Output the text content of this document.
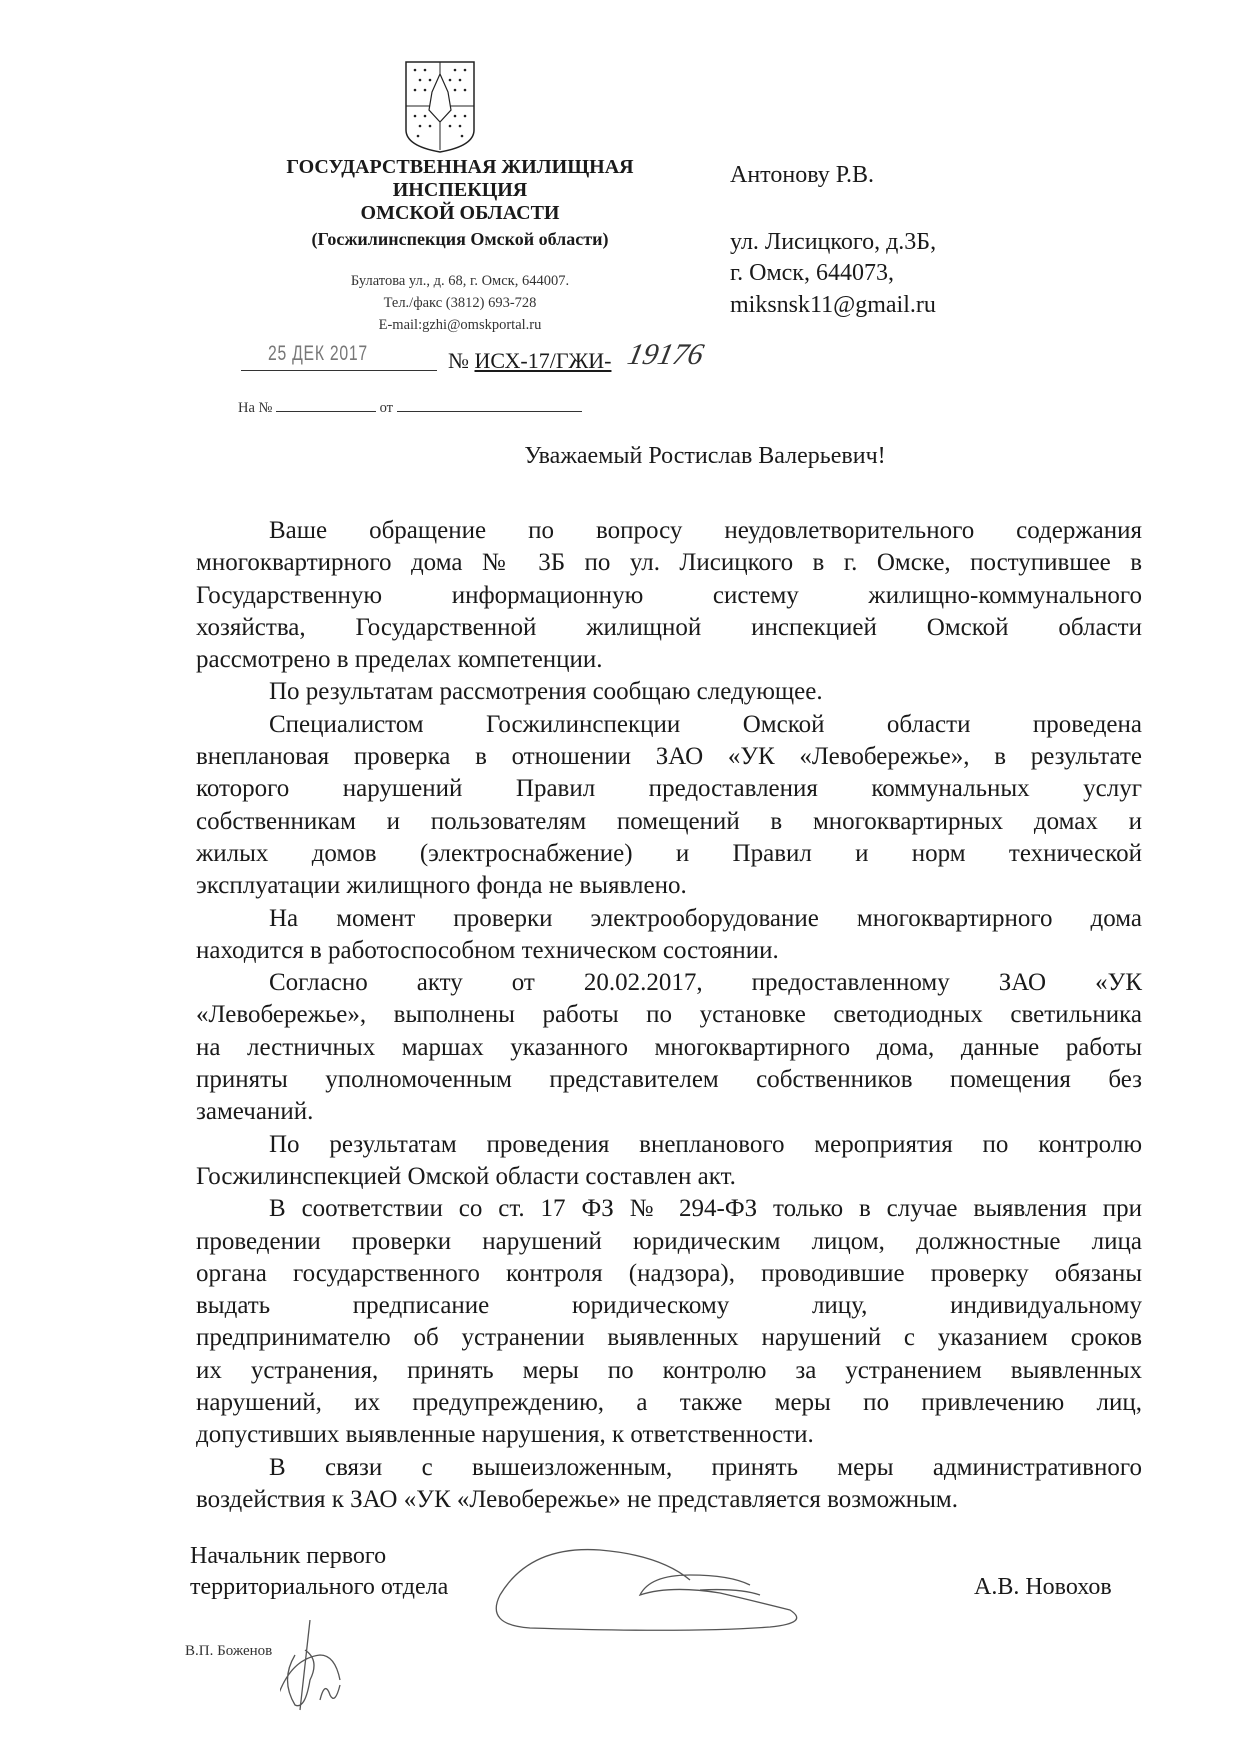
ГОСУДАРСТВЕННАЯ ЖИЛИЩНАЯ
ИНСПЕКЦИЯ
ОМСКОЙ ОБЛАСТИ
(Госжилинспекция Омской области)
Булатова ул., д. 68, г. Омск, 644007.
Тел./факс (3812) 693-728
E-mail:gzhi@omskportal.ru
25 ДЕК 2017	№ ИСХ-17/ГЖИ- 19176
На №	от
Антонову Р.В.
ул. Лисицкого, д.3Б,
г. Омск, 644073,
miksnsk11@gmail.ru
Уважаемый Ростислав Валерьевич!
Ваше обращение по вопросу неудовлетворительного содержания
многоквартирного дома № 3Б по ул. Лисицкого в г. Омске, поступившее в
Государственную информационную систему жилищно-коммунального
хозяйства, Государственной жилищной инспекцией Омской области
рассмотрено в пределах компетенции.
По результатам рассмотрения сообщаю следующее.
Специалистом Госжилинспекции Омской области проведена
внеплановая проверка в отношении ЗАО «УК «Левобережье», в результате
которого нарушений Правил предоставления коммунальных услуг
собственникам и пользователям помещений в многоквартирных домах и
жилых домов (электроснабжение) и Правил и норм технической
эксплуатации жилищного фонда не выявлено.
На момент проверки электрооборудование многоквартирного дома
находится в работоспособном техническом состоянии.
Согласно акту от 20.02.2017, предоставленному ЗАО «УК
«Левобережье», выполнены работы по установке светодиодных светильника
на лестничных маршах указанного многоквартирного дома, данные работы
приняты уполномоченным представителем собственников помещения без
замечаний.
По результатам проведения внепланового мероприятия по контролю
Госжилинспекцией Омской области составлен акт.
В соответствии со ст. 17 ФЗ № 294-ФЗ только в случае выявления при
проведении проверки нарушений юридическим лицом, должностные лица
органа государственного контроля (надзора), проводившие проверку обязаны
выдать предписание юридическому лицу, индивидуальному
предпринимателю об устранении выявленных нарушений с указанием сроков
их устранения, принять меры по контролю за устранением выявленных
нарушений, их предупреждению, а также меры по привлечению лиц,
допустивших выявленные нарушения, к ответственности.
В связи с вышеизложенным, принять меры административного
воздействия к ЗАО «УК «Левобережье» не представляется возможным.
Начальник первого
территориального отдела	А.В. Новохов
В.П. Боженов
